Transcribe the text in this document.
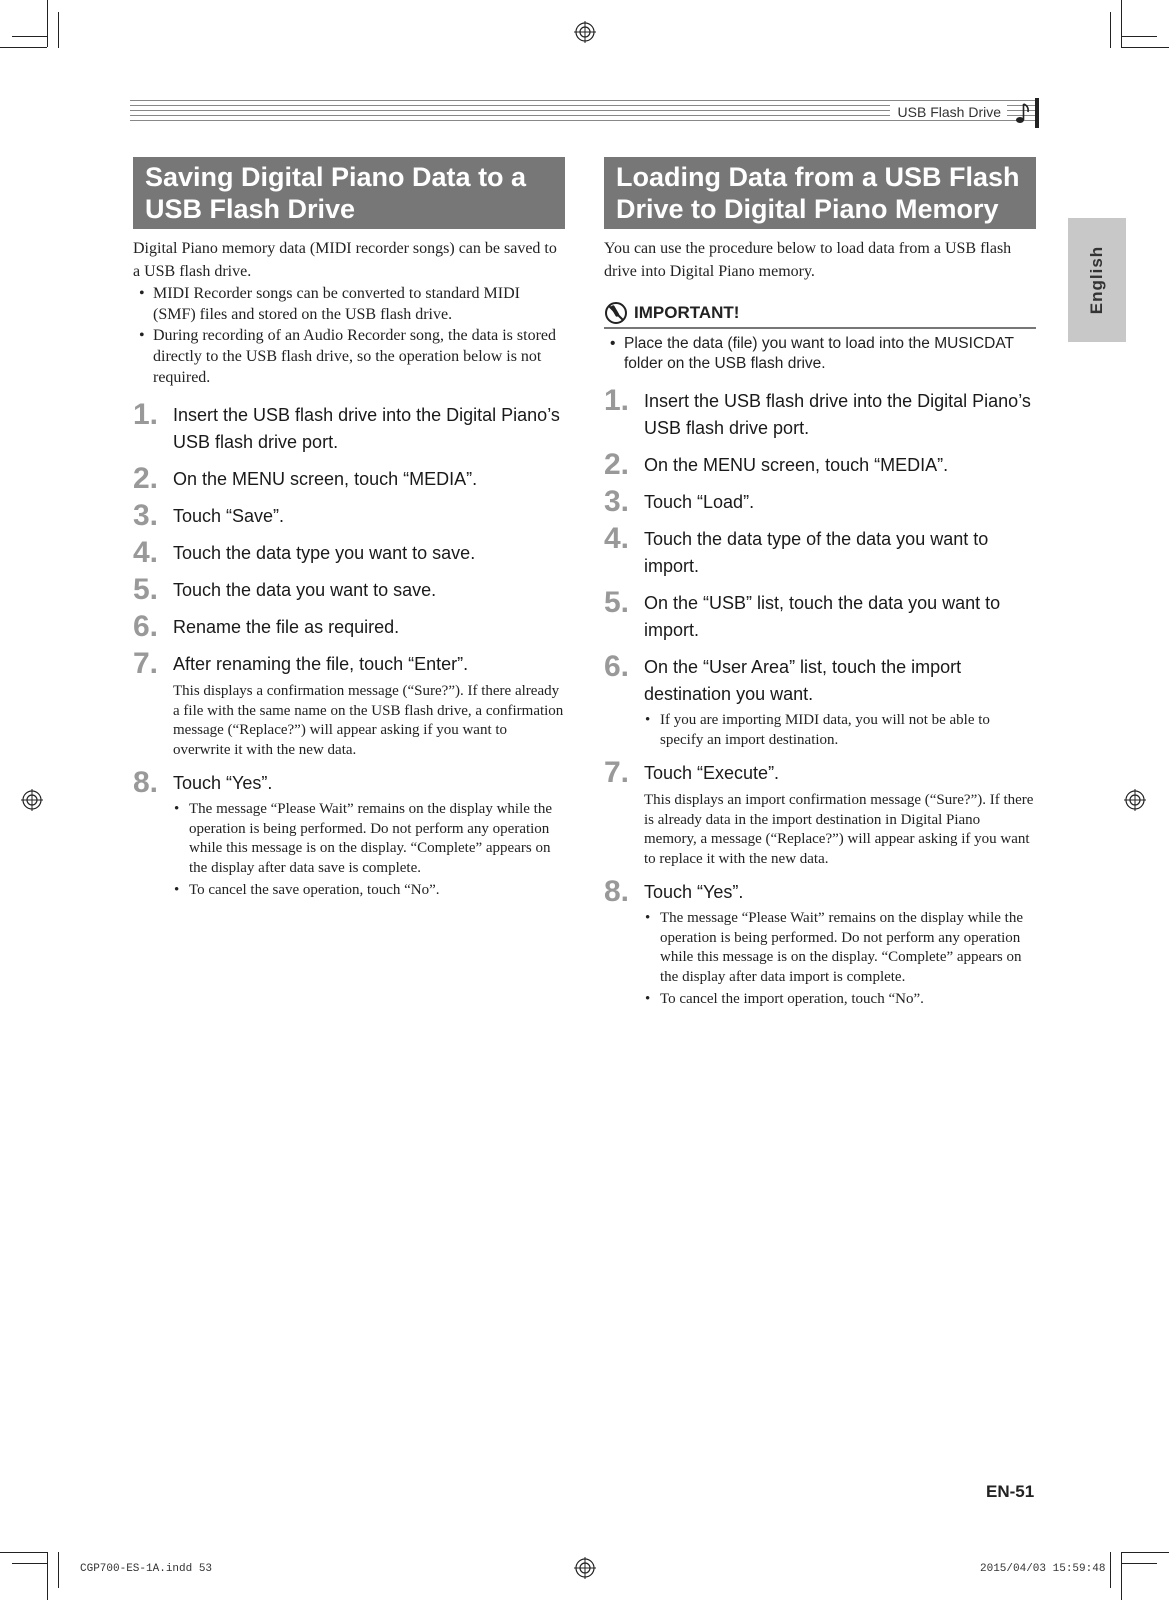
USB Flash Drive
English
Saving Digital Piano Data to a USB Flash Drive
Digital Piano memory data (MIDI recorder songs) can be saved to a USB flash drive.
• MIDI Recorder songs can be converted to standard MIDI (SMF) files and stored on the USB flash drive.
• During recording of an Audio Recorder song, the data is stored directly to the USB flash drive, so the operation below is not required.
1. Insert the USB flash drive into the Digital Piano’s USB flash drive port.
2. On the MENU screen, touch “MEDIA”.
3. Touch “Save”.
4. Touch the data type you want to save.
5. Touch the data you want to save.
6. Rename the file as required.
7. After renaming the file, touch “Enter”.
This displays a confirmation message (“Sure?”). If there already a file with the same name on the USB flash drive, a confirmation message (“Replace?”) will appear asking if you want to overwrite it with the new data.
8. Touch “Yes”.
• The message “Please Wait” remains on the display while the operation is being performed. Do not perform any operation while this message is on the display. “Complete” appears on the display after data save is complete.
• To cancel the save operation, touch “No”.
Loading Data from a USB Flash Drive to Digital Piano Memory
You can use the procedure below to load data from a USB flash drive into Digital Piano memory.
IMPORTANT!
• Place the data (file) you want to load into the MUSICDAT folder on the USB flash drive.
1. Insert the USB flash drive into the Digital Piano’s USB flash drive port.
2. On the MENU screen, touch “MEDIA”.
3. Touch “Load”.
4. Touch the data type of the data you want to import.
5. On the “USB” list, touch the data you want to import.
6. On the “User Area” list, touch the import destination you want.
• If you are importing MIDI data, you will not be able to specify an import destination.
7. Touch “Execute”.
This displays an import confirmation message (“Sure?”). If there is already data in the import destination in Digital Piano memory, a message (“Replace?”) will appear asking if you want to replace it with the new data.
8. Touch “Yes”.
• The message “Please Wait” remains on the display while the operation is being performed. Do not perform any operation while this message is on the display. “Complete” appears on the display after data import is complete.
• To cancel the import operation, touch “No”.
EN-51
CGP700-ES-1A.indd 53	2015/04/03 15:59:48
